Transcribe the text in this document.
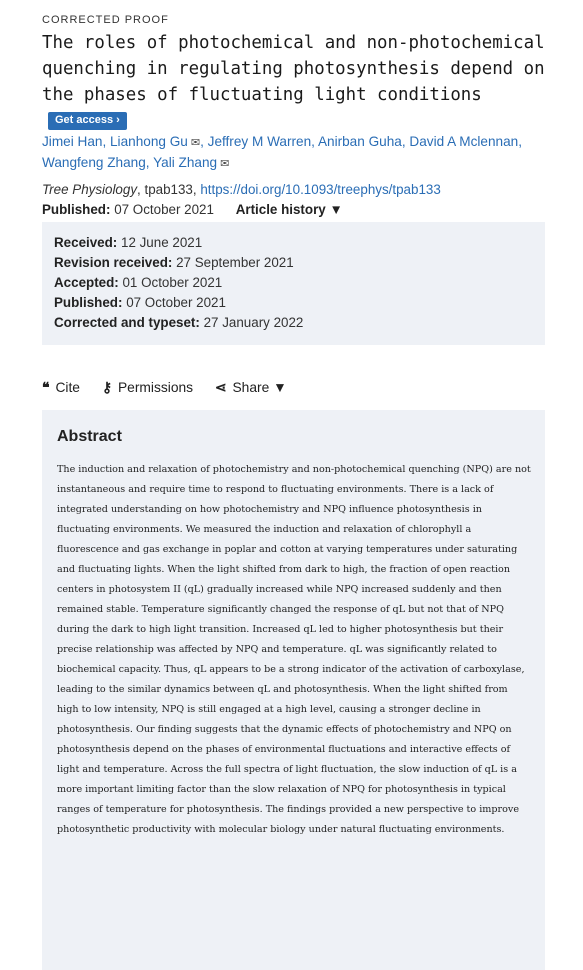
CORRECTED PROOF
The roles of photochemical and non-photochemical quenching in regulating photosynthesis depend on the phases of fluctuating light conditionsGet access ›
Jimei Han, Lianhong Gu ✉, Jeffrey M Warren, Anirban Guha, David A Mclennan,
Wangfeng Zhang, Yali Zhang ✉
Tree Physiology, tpab133, https://doi.org/10.1093/treephys/tpab133
Published: 07 October 2021 Article history ▼
Received: 12 June 2021
Revision received: 27 September 2021
Accepted: 01 October 2021
Published: 07 October 2021
Corrected and typeset: 27 January 2022
❝ Cite ⚷ Permissions ⋖ Share ▼
Abstract
The induction and relaxation of photochemistry and non-photochemical quenching (NPQ) are not instantaneous and require time to respond to fluctuating environments. There is a lack of integrated understanding on how photochemistry and NPQ influence photosynthesis in fluctuating environments. We measured the induction and relaxation of chlorophyll a fluorescence and gas exchange in poplar and cotton at varying temperatures under saturating and fluctuating lights. When the light shifted from dark to high, the fraction of open reaction centers in photosystem II (qL) gradually increased while NPQ increased suddenly and then remained stable. Temperature significantly changed the response of qL but not that of NPQ during the dark to high light transition. Increased qL led to higher photosynthesis but their precise relationship was affected by NPQ and temperature. qL was significantly related to biochemical capacity. Thus, qL appears to be a strong indicator of the activation of carboxylase, leading to the similar dynamics between qL and photosynthesis. When the light shifted from high to low intensity, NPQ is still engaged at a high level, causing a stronger decline in photosynthesis. Our finding suggests that the dynamic effects of photochemistry and NPQ on photosynthesis depend on the phases of environmental fluctuations and interactive effects of light and temperature. Across the full spectra of light fluctuation, the slow induction of qL is a more important limiting factor than the slow relaxation of NPQ for photosynthesis in typical ranges of temperature for photosynthesis. The findings provided a new perspective to improve photosynthetic productivity with molecular biology under natural fluctuating environments.
